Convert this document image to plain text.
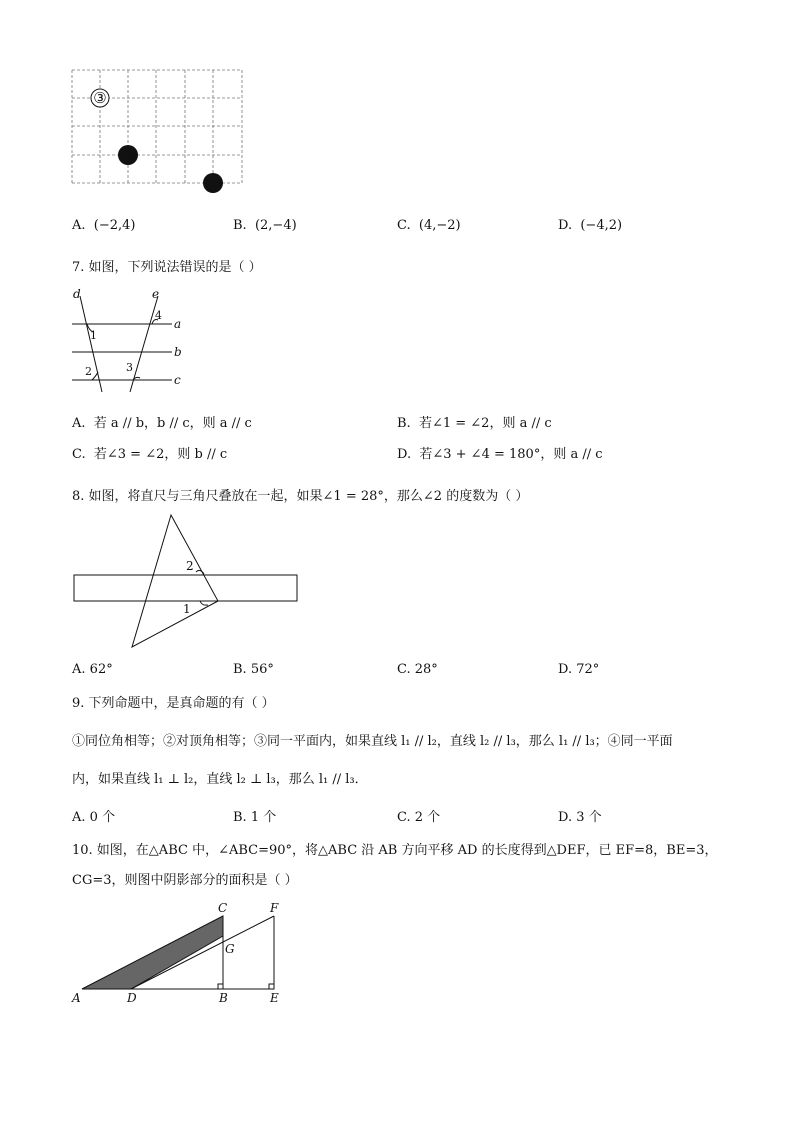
③
❷
❶
A. (−2,4)	B. (2,−4)	C. (4,−2)	D. (−4,2)
7. 如图，下列说法错误的是（ ）
d	e
a
b
c
1
2	3
4
A. 若 a // b，b // c，则 a // c	B. 若∠1 = ∠2，则 a // c
C. 若∠3 = ∠2，则 b // c	D. 若∠3 + ∠4 = 180°，则 a // c
8. 如图，将直尺与三角尺叠放在一起，如果∠1 = 28°，那么∠2 的度数为（ ）
2
1
A. 62°	B. 56°	C. 28°	D. 72°
9. 下列命题中，是真命题的有（ ）
①同位角相等；②对顶角相等；③同一平面内，如果直线 l₁ // l₂，直线 l₂ // l₃，那么 l₁ // l₃；④同一平面
内，如果直线 l₁ ⊥ l₂，直线 l₂ ⊥ l₃，那么 l₁ // l₃．
A. 0 个	B. 1 个	C. 2 个	D. 3 个
10. 如图，在△ABC 中，∠ABC=90°，将△ABC 沿 AB 方向平移 AD 的长度得到△DEF，已 EF=8，BE=3，
CG=3，则图中阴影部分的面积是（ ）
C	F
G
A	D	B	E
